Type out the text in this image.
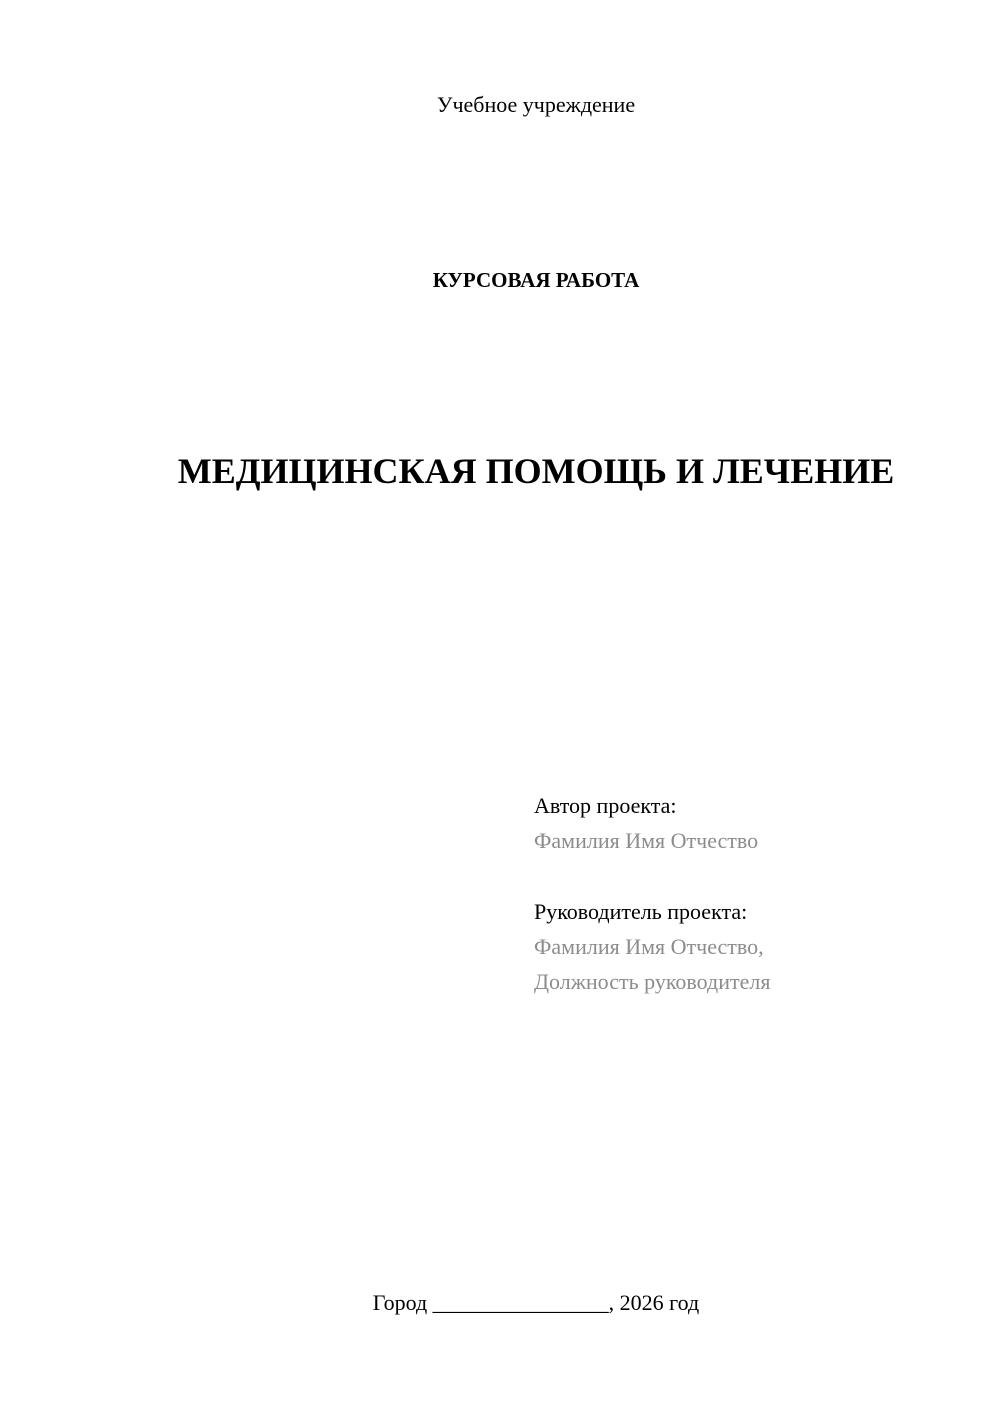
Учебное учреждение

КУРСОВАЯ РАБОТА

МЕДИЦИНСКАЯ ПОМОЩЬ И ЛЕЧЕНИЕ

Автор проекта:

Фамилия Имя Отчество

Руководитель проекта:

Фамилия Имя Отчество,

Должность руководителя

Город ________________, 2026 год
